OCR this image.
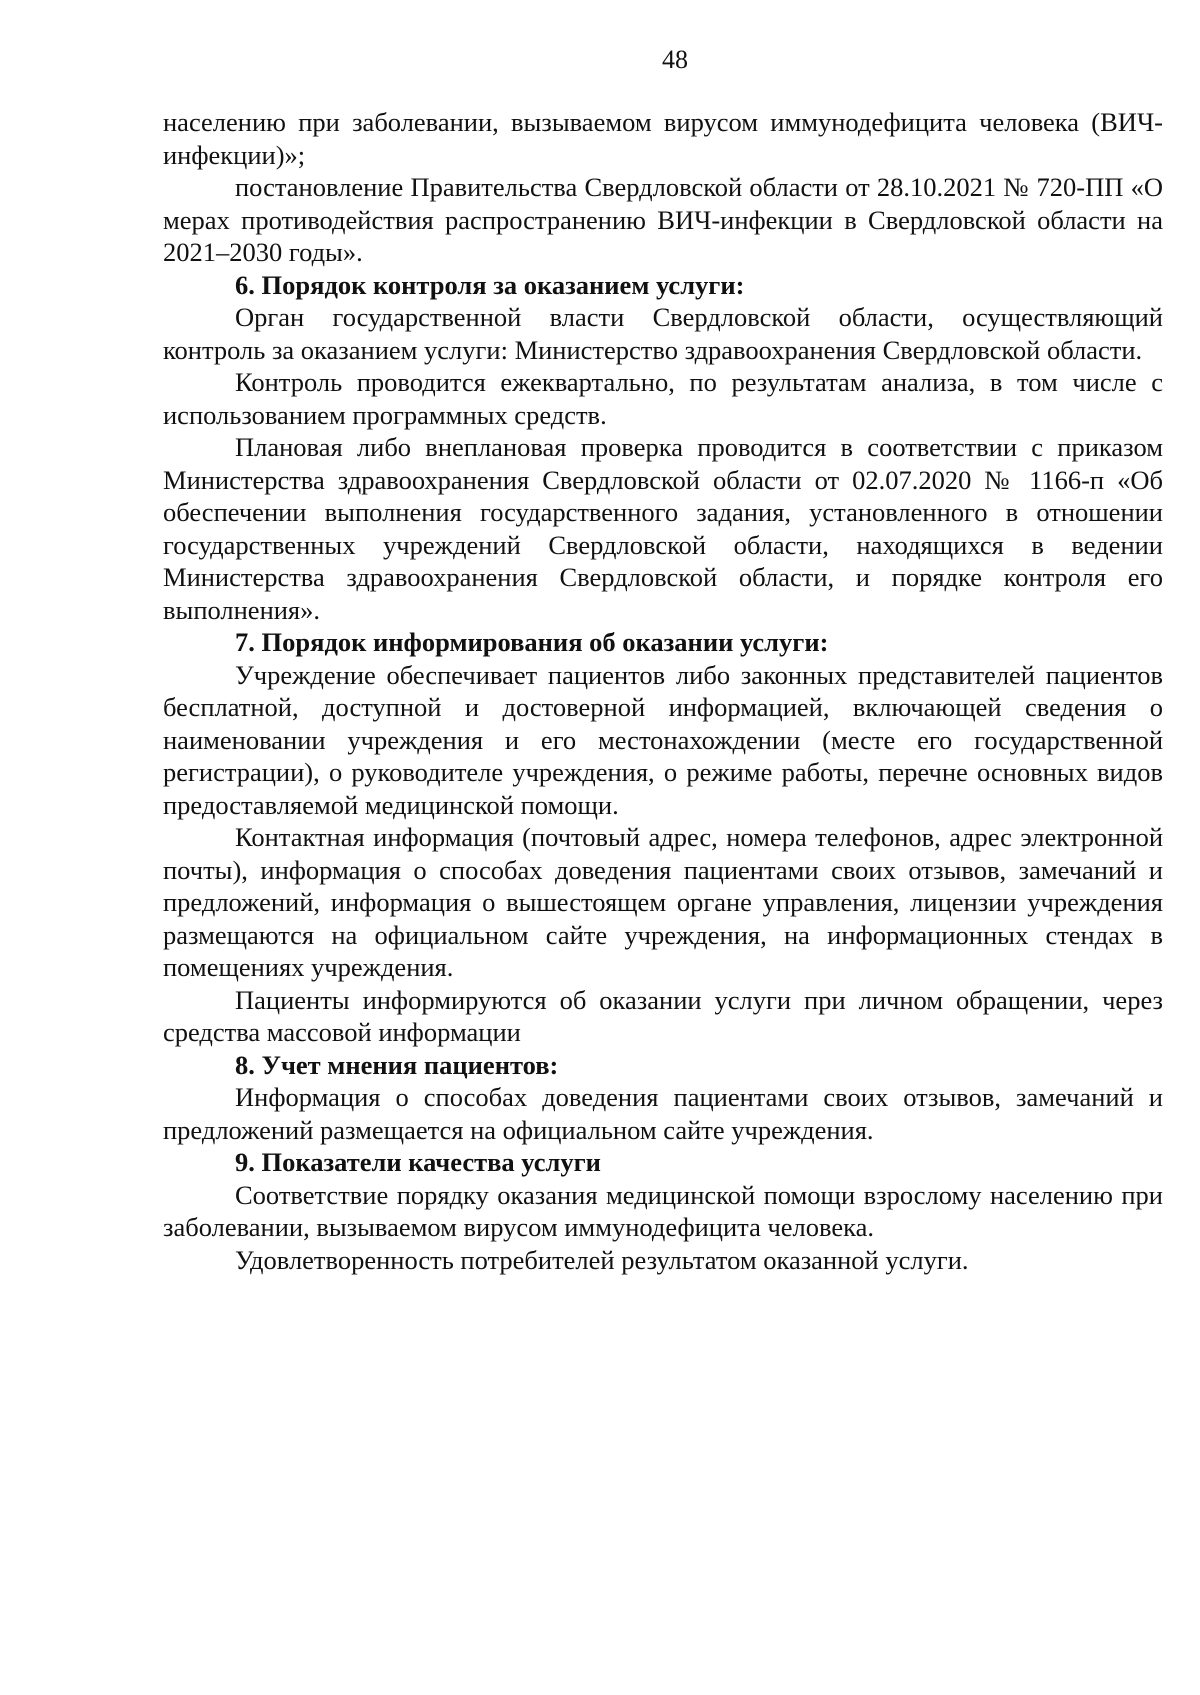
48

населению при заболевании, вызываемом вирусом иммунодефицита человека (ВИЧ-инфекции)»;

постановление Правительства Свердловской области от 28.10.2021 № 720-ПП «О мерах противодействия распространению ВИЧ-инфекции в Свердловской области на 2021–2030 годы».

6. Порядок контроля за оказанием услуги:

Орган государственной власти Свердловской области, осуществляющий контроль за оказанием услуги: Министерство здравоохранения Свердловской области.

Контроль проводится ежеквартально, по результатам анализа, в том числе с использованием программных средств.

Плановая либо внеплановая проверка проводится в соответствии с приказом Министерства здравоохранения Свердловской области от 02.07.2020 № 1166-п «Об обеспечении выполнения государственного задания, установленного в отношении государственных учреждений Свердловской области, находящихся в ведении Министерства здравоохранения Свердловской области, и порядке контроля его выполнения».

7. Порядок информирования об оказании услуги:

Учреждение обеспечивает пациентов либо законных представителей пациентов бесплатной, доступной и достоверной информацией, включающей сведения о наименовании учреждения и его местонахождении (месте его государственной регистрации), о руководителе учреждения, о режиме работы, перечне основных видов предоставляемой медицинской помощи.

Контактная информация (почтовый адрес, номера телефонов, адрес электронной почты), информация о способах доведения пациентами своих отзывов, замечаний и предложений, информация о вышестоящем органе управления, лицензии учреждения размещаются на официальном сайте учреждения, на информационных стендах в помещениях учреждения.

Пациенты информируются об оказании услуги при личном обращении, через средства массовой информации

8. Учет мнения пациентов:

Информация о способах доведения пациентами своих отзывов, замечаний и предложений размещается на официальном сайте учреждения.

9. Показатели качества услуги

Соответствие порядку оказания медицинской помощи взрослому населению при заболевании, вызываемом вирусом иммунодефицита человека.

Удовлетворенность потребителей результатом оказанной услуги.
